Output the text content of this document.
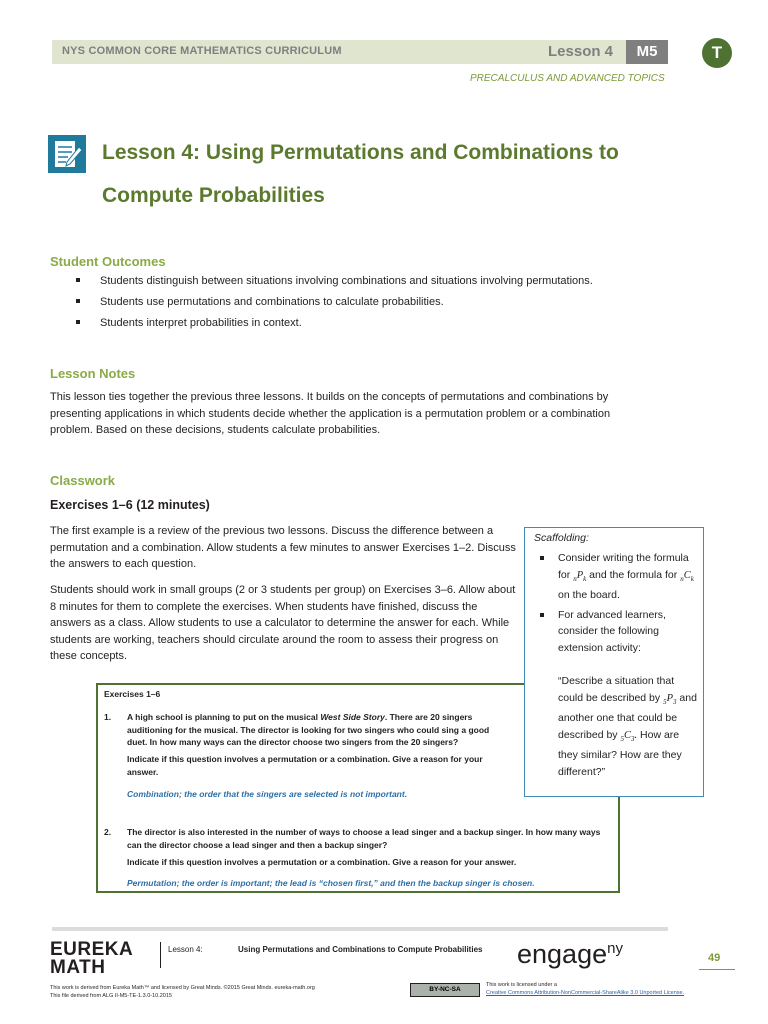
NYS COMMON CORE MATHEMATICS CURRICULUM	Lesson 4	M5	T
PRECALCULUS AND ADVANCED TOPICS
Lesson 4: Using Permutations and Combinations to
Compute Probabilities
Student Outcomes
Students distinguish between situations involving combinations and situations involving permutations.
Students use permutations and combinations to calculate probabilities.
Students interpret probabilities in context.
Lesson Notes
This lesson ties together the previous three lessons. It builds on the concepts of permutations and combinations by presenting applications in which students decide whether the application is a permutation problem or a combination problem. Based on these decisions, students calculate probabilities.
Classwork
Exercises 1–6 (12 minutes)
The first example is a review of the previous two lessons. Discuss the difference between a permutation and a combination. Allow students a few minutes to answer Exercises 1–2. Discuss the answers to each question.
Students should work in small groups (2 or 3 students per group) on Exercises 3–6. Allow about 8 minutes for them to complete the exercises. When students have finished, discuss the answers as a class. Allow students to use a calculator to determine the answer for each. While students are working, teachers should circulate around the room to assess their progress on these concepts.
Exercises 1–6
1. A high school is planning to put on the musical West Side Story. There are 20 singers auditioning for the musical. The director is looking for two singers who could sing a good duet. In how many ways can the director choose two singers from the 20 singers?
Indicate if this question involves a permutation or a combination. Give a reason for your answer.
Combination; the order that the singers are selected is not important.
2. The director is also interested in the number of ways to choose a lead singer and a backup singer. In how many ways can the director choose a lead singer and then a backup singer?
Indicate if this question involves a permutation or a combination. Give a reason for your answer.
Permutation; the order is important; the lead is “chosen first,” and then the backup singer is chosen.
Scaffolding:
Consider writing the formula for $_nP_k$ and the formula for $_nC_k$ on the board.
For advanced learners, consider the following extension activity:
“Describe a situation that could be described by $_5P_3$ and another one that could be described by $_5C_3$. How are they similar? How are they different?”
EUREKA
MATH
Lesson 4:	Using Permutations and Combinations to Compute Probabilities engage$^{ny}$
49
This work is derived from Eureka Math™ and licensed by Great Minds. ©2015 Great Minds. eureka-math.org
This file derived from ALG II-M5-TE-1.3.0-10.2015
BY-NC-SA
This work is licensed under a
Creative Commons Attribution-NonCommercial-ShareAlike 3.0 Unported License.
